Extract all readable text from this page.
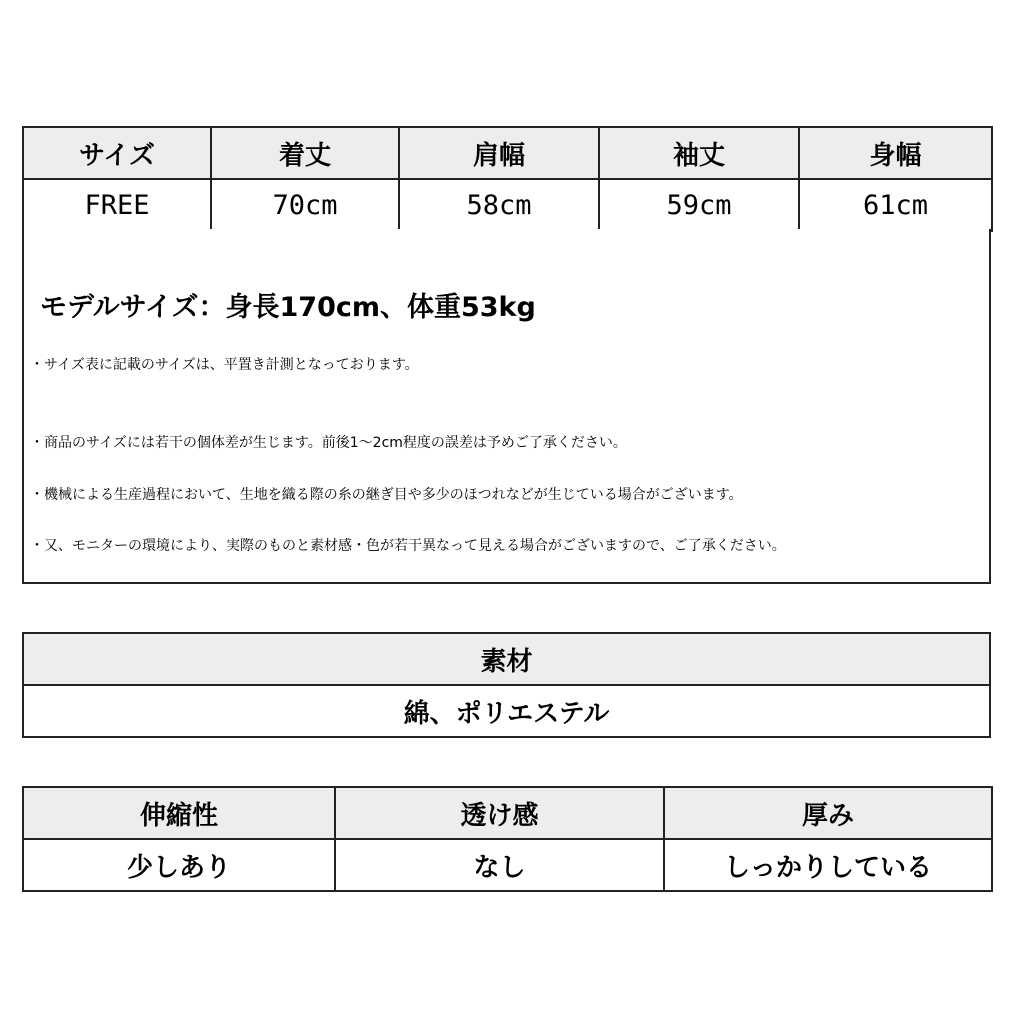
サイズ	着丈	肩幅	袖丈	身幅
FREE	70cm	58cm	59cm	61cm
モデルサイズ：身長170cm、体重53kg
・サイズ表に記載のサイズは、平置き計測となっております。
・商品のサイズには若干の個体差が生じます。前後1～2cm程度の誤差は予めご了承ください。
・機械による生産過程において、生地を織る際の糸の継ぎ目や多少のほつれなどが生じている場合がございます。
・又、モニターの環境により、実際のものと素材感・色が若干異なって見える場合がございますので、ご了承ください。
素材
綿、ポリエステル
伸縮性	透け感	厚み
少しあり	なし	しっかりしている
